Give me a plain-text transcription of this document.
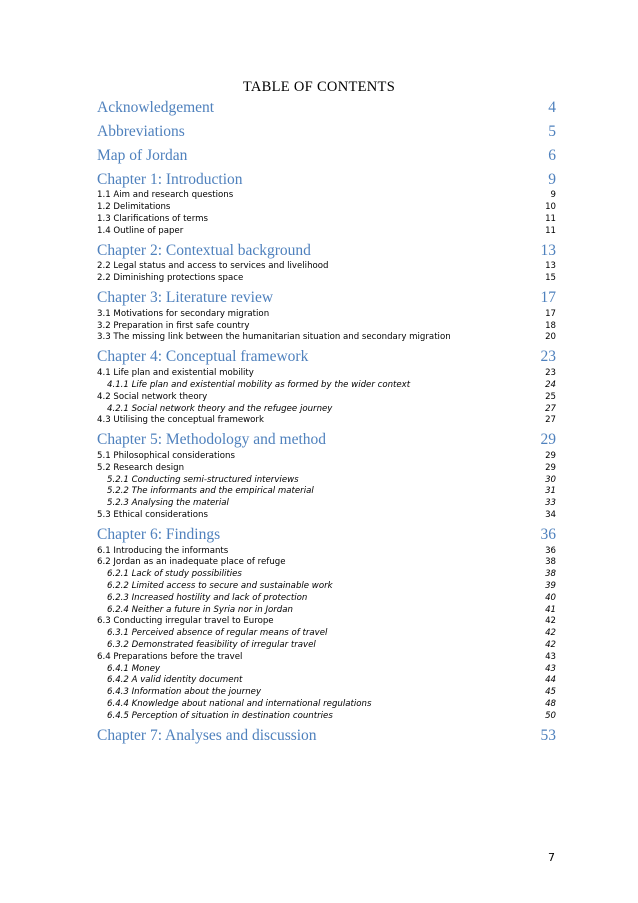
TABLE OF CONTENTS
Acknowledgement	4
Abbreviations	5
Map of Jordan	6
Chapter 1: Introduction	9
1.1 Aim and research questions	9
1.2 Delimitations	10
1.3 Clarifications of terms	11
1.4 Outline of paper	11
Chapter 2: Contextual background	13
2.2 Legal status and access to services and livelihood	13
2.2 Diminishing protections space	15
Chapter 3: Literature review	17
3.1 Motivations for secondary migration	17
3.2 Preparation in first safe country	18
3.3 The missing link between the humanitarian situation and secondary migration	20
Chapter 4: Conceptual framework	23
4.1 Life plan and existential mobility	23
4.1.1 Life plan and existential mobility as formed by the wider context	24
4.2 Social network theory	25
4.2.1 Social network theory and the refugee journey	27
4.3 Utilising the conceptual framework	27
Chapter 5: Methodology and method	29
5.1 Philosophical considerations	29
5.2 Research design	29
5.2.1 Conducting semi-structured interviews	30
5.2.2 The informants and the empirical material	31
5.2.3 Analysing the material	33
5.3 Ethical considerations	34
Chapter 6: Findings	36
6.1 Introducing the informants	36
6.2 Jordan as an inadequate place of refuge	38
6.2.1 Lack of study possibilities	38
6.2.2 Limited access to secure and sustainable work	39
6.2.3 Increased hostility and lack of protection	40
6.2.4 Neither a future in Syria nor in Jordan	41
6.3 Conducting irregular travel to Europe	42
6.3.1 Perceived absence of regular means of travel	42
6.3.2 Demonstrated feasibility of irregular travel	42
6.4 Preparations before the travel	43
6.4.1 Money	43
6.4.2 A valid identity document	44
6.4.3 Information about the journey	45
6.4.4 Knowledge about national and international regulations	48
6.4.5 Perception of situation in destination countries	50
Chapter 7: Analyses and discussion	53
7
